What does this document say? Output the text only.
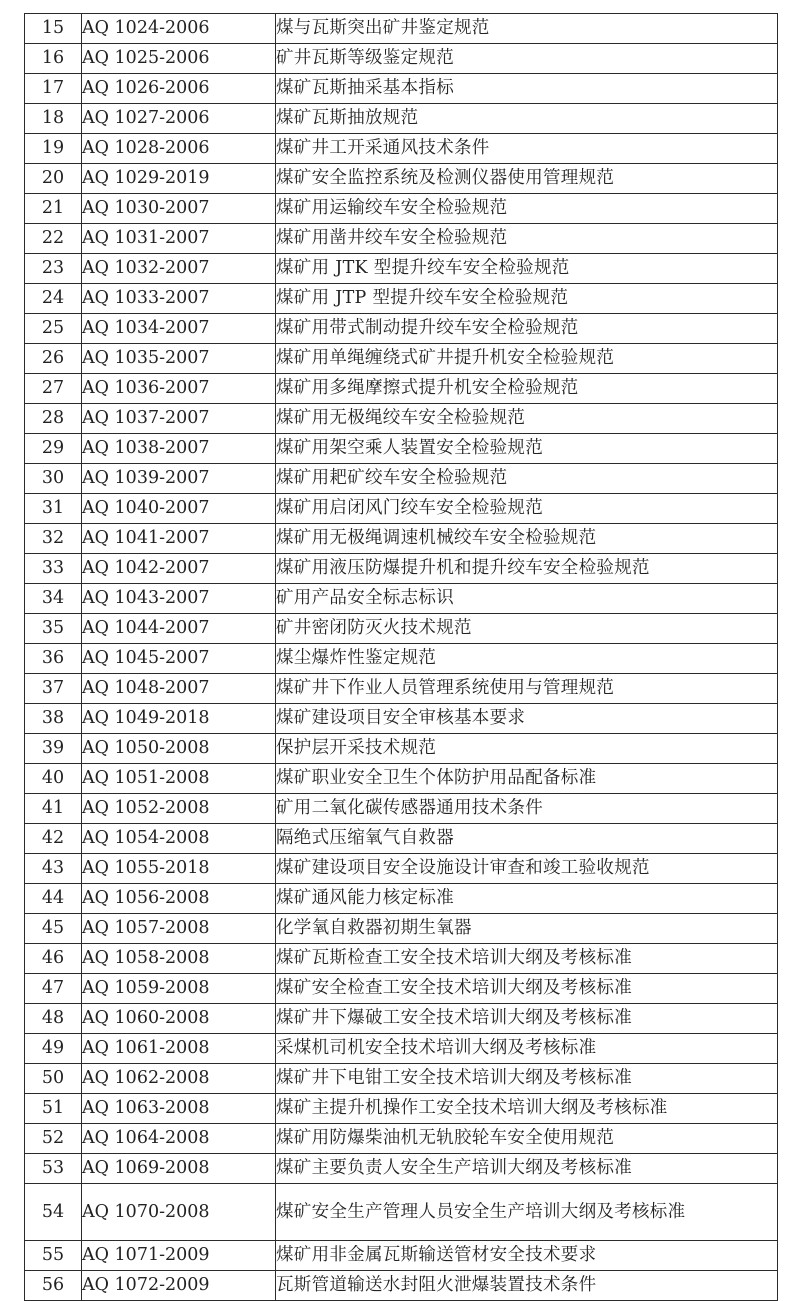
15	AQ 1024-2006	煤与瓦斯突出矿井鉴定规范
16	AQ 1025-2006	矿井瓦斯等级鉴定规范
17	AQ 1026-2006	煤矿瓦斯抽采基本指标
18	AQ 1027-2006	煤矿瓦斯抽放规范
19	AQ 1028-2006	煤矿井工开采通风技术条件
20	AQ 1029-2019	煤矿安全监控系统及检测仪器使用管理规范
21	AQ 1030-2007	煤矿用运输绞车安全检验规范
22	AQ 1031-2007	煤矿用凿井绞车安全检验规范
23	AQ 1032-2007	煤矿用 JTK 型提升绞车安全检验规范
24	AQ 1033-2007	煤矿用 JTP 型提升绞车安全检验规范
25	AQ 1034-2007	煤矿用带式制动提升绞车安全检验规范
26	AQ 1035-2007	煤矿用单绳缠绕式矿井提升机安全检验规范
27	AQ 1036-2007	煤矿用多绳摩擦式提升机安全检验规范
28	AQ 1037-2007	煤矿用无极绳绞车安全检验规范
29	AQ 1038-2007	煤矿用架空乘人装置安全检验规范
30	AQ 1039-2007	煤矿用耙矿绞车安全检验规范
31	AQ 1040-2007	煤矿用启闭风门绞车安全检验规范
32	AQ 1041-2007	煤矿用无极绳调速机械绞车安全检验规范
33	AQ 1042-2007	煤矿用液压防爆提升机和提升绞车安全检验规范
34	AQ 1043-2007	矿用产品安全标志标识
35	AQ 1044-2007	矿井密闭防灭火技术规范
36	AQ 1045-2007	煤尘爆炸性鉴定规范
37	AQ 1048-2007	煤矿井下作业人员管理系统使用与管理规范
38	AQ 1049-2018	煤矿建设项目安全审核基本要求
39	AQ 1050-2008	保护层开采技术规范
40	AQ 1051-2008	煤矿职业安全卫生个体防护用品配备标准
41	AQ 1052-2008	矿用二氧化碳传感器通用技术条件
42	AQ 1054-2008	隔绝式压缩氧气自救器
43	AQ 1055-2018	煤矿建设项目安全设施设计审查和竣工验收规范
44	AQ 1056-2008	煤矿通风能力核定标准
45	AQ 1057-2008	化学氧自救器初期生氧器
46	AQ 1058-2008	煤矿瓦斯检查工安全技术培训大纲及考核标准
47	AQ 1059-2008	煤矿安全检查工安全技术培训大纲及考核标准
48	AQ 1060-2008	煤矿井下爆破工安全技术培训大纲及考核标准
49	AQ 1061-2008	采煤机司机安全技术培训大纲及考核标准
50	AQ 1062-2008	煤矿井下电钳工安全技术培训大纲及考核标准
51	AQ 1063-2008	煤矿主提升机操作工安全技术培训大纲及考核标准
52	AQ 1064-2008	煤矿用防爆柴油机无轨胶轮车安全使用规范
53	AQ 1069-2008	煤矿主要负责人安全生产培训大纲及考核标准
54	AQ 1070-2008	煤矿安全生产管理人员安全生产培训大纲及考核标准
55	AQ 1071-2009	煤矿用非金属瓦斯输送管材安全技术要求
56	AQ 1072-2009	瓦斯管道输送水封阻火泄爆装置技术条件
